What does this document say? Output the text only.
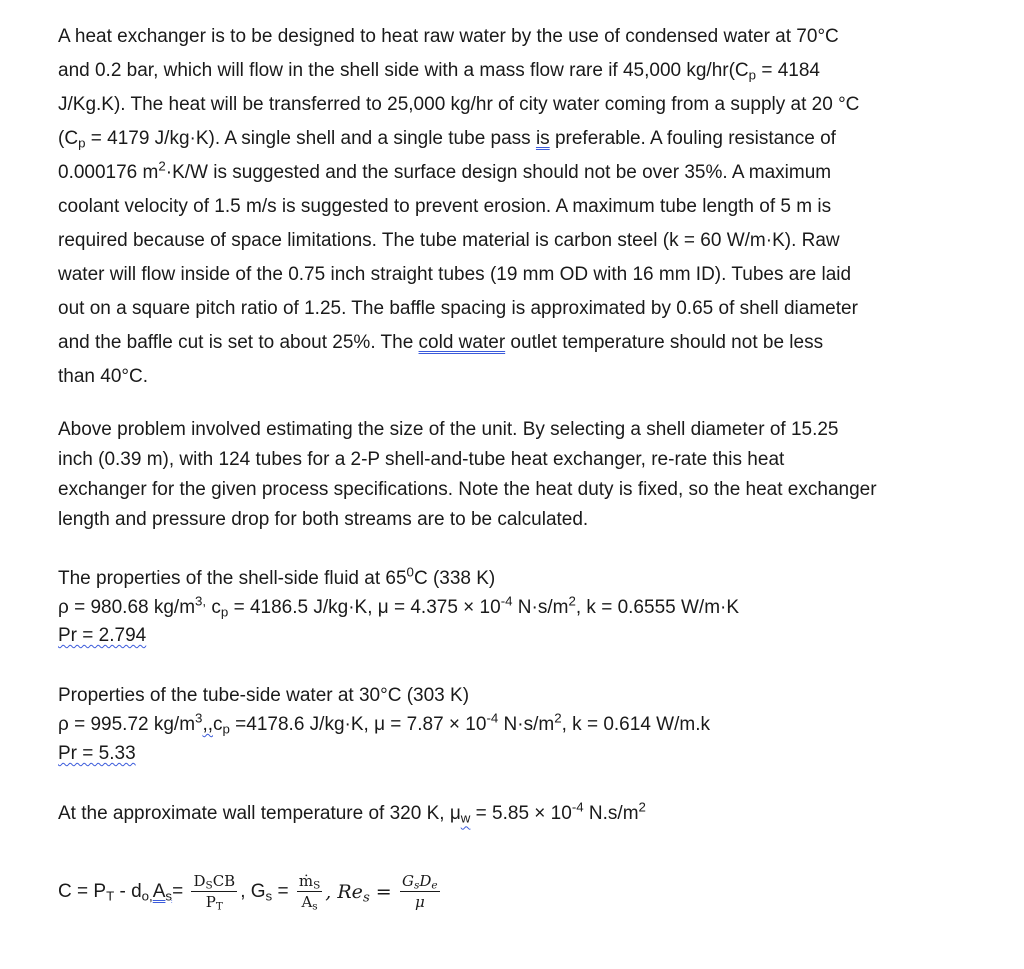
A heat exchanger is to be designed to heat raw water by the use of condensed water at 70°C
and 0.2 bar, which will flow in the shell side with a mass flow rare if 45,000 $kg/hr(C_p = 4184$
J/Kg.K). The heat will be transferred to 25,000 kg/hr of city water coming from a supply at 20 °C
($C_p = 4179$ J/kg·K). A single shell and a single tube pass is preferable. A fouling resistance of
0.000176 $m^2\cdot K/W$ is suggested and the surface design should not be over 35%. A maximum
coolant velocity of 1.5 m/s is suggested to prevent erosion. A maximum tube length of 5 m is
required because of space limitations. The tube material is carbon steel (k = 60 W/m·K). Raw
water will flow inside of the 0.75 inch straight tubes (19 mm OD with 16 mm ID). Tubes are laid
out on a square pitch ratio of 1.25. The baffle spacing is approximated by 0.65 of shell diameter
and the baffle cut is set to about 25%. The cold water outlet temperature should not be less
than 40°C.
Above problem involved estimating the size of the unit. By selecting a shell diameter of 15.25
inch (0.39 m), with 124 tubes for a 2-P shell-and-tube heat exchanger, re-rate this heat
exchanger for the given process specifications. Note the heat duty is fixed, so the heat exchanger
length and pressure drop for both streams are to be calculated.
The properties of the shell-side fluid at $65^0C$ (338 K)
ρ = 980.68 $kg/m^{3,}$ $c_p = 4186.5$ J/kg·K, $\mu = 4.375 \times 10^{-4}$ $N\cdot s/m^2$, k = 0.6555 W/m·K
Pr = 2.794
Properties of the tube-side water at 30°C (303 K)
ρ = 995.72 $kg/m^3,,c_p =4178.6$ J/kg·K, $\mu = 7.87 \times 10^{-4}$ $N\cdot s/m^2$, k = 0.614 W/m.k
Pr = 5.33
At the approximate wall temperature of 320 K, $\mu_w = 5.85 \times 10^{-4}$ $N.s/m^2$
$C = P_T - d_{o,}A_s= \frac{D_SCB}{P_T}$ , $G_s = \frac{ṁ_S}{A_s}$ , $Re_s = \frac{G_sD_e}{\mu}$
